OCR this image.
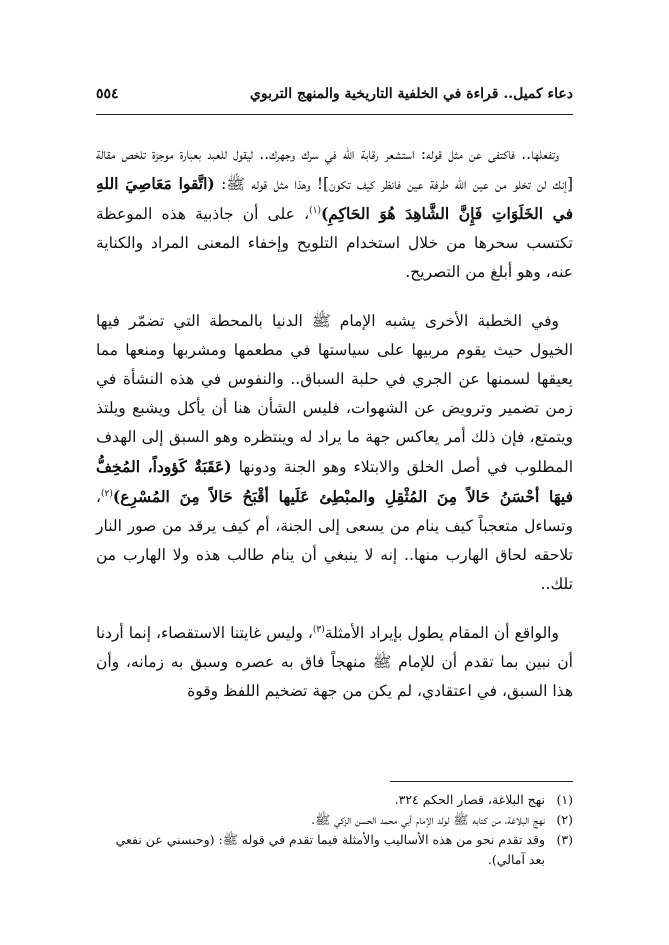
دعاء كميل.. قراءة في الخلفية التاريخية والمنهج التربوي
٥٥٤

وتفعلها.. فاكتفى عن مثل قوله: استشعر رقابة الله في سرك وجهرك.. ليقول للعبد بعبارة موجزة تلخص مقالة [إنك لن تخلو من عين الله طرفة عين فانظر كيف تكون]! وهذا مثل قوله ﷺ: (اتَّقوا مَعَاصِيَ اللهِ في الخَلَوَاتِ فَإِنَّ الشَّاهِدَ هُوَ الحَاكِمِ)$^{(١)}$، على أن جاذبية هذه الموعظة تكتسب سحرها من خلال استخدام التلويح وإخفاء المعنى المراد والكناية عنه، وهو أبلغ من التصريح.

وفي الخطبة الأخرى يشبه الإمام ﷺ الدنيا بالمحطة التي تضمّر فيها الخيول حيث يقوم مربيها على سياستها في مطعمها ومشربها ومنعها مما يعيقها لسمنها عن الجري في حلبة السباق.. والنفوس في هذه النشأة في زمن تضمير وترويض عن الشهوات، فليس الشأن هنا أن يأكل ويشبع ويلتذ ويتمتع، فإن ذلك أمر يعاكس جهة ما يراد له وينتظره وهو السبق إلى الهدف المطلوب في أصل الخلق والابتلاء وهو الجنة ودونها (عَقَبَةٌ كَؤوداً، المُخِفُّ فيهَا أحْسَنُ حَالاً مِنَ المُثْقِلِ والمبْطِئ عَلَيها أقْبَحُ حَالاً مِنَ المُسْرِع)$^{(٢)}$، وتساءل متعجباً كيف ينام من يسعى إلى الجنة، أم كيف يرقد من صور النار تلاحقه لحاق الهارب منها.. إنه لا ينبغي أن ينام طالب هذه ولا الهارب من تلك..

والواقع أن المقام يطول بإيراد الأمثلة$^{(٣)}$، وليس غايتنا الاستقصاء، إنما أردنا أن نبين بما تقدم أن للإمام ﷺ منهجاً فاق به عصره وسبق به زمانه، وأن هذا السبق، في اعتقادي، لم يكن من جهة تضخيم اللفظ وقوة

(١)
نهج البلاغة، قصار الحكم ٣٢٤.

(٢)
نهج البلاغة، من كتابه ﷺ لولد الإمام أبي محمد الحسن الزكي ﷺ.

(٣)
وقد تقدم نحو من هذه الأساليب والأمثلة فيما تقدم في قوله ﷺ: (وحبسني عن نفعي بعد آمالي).
